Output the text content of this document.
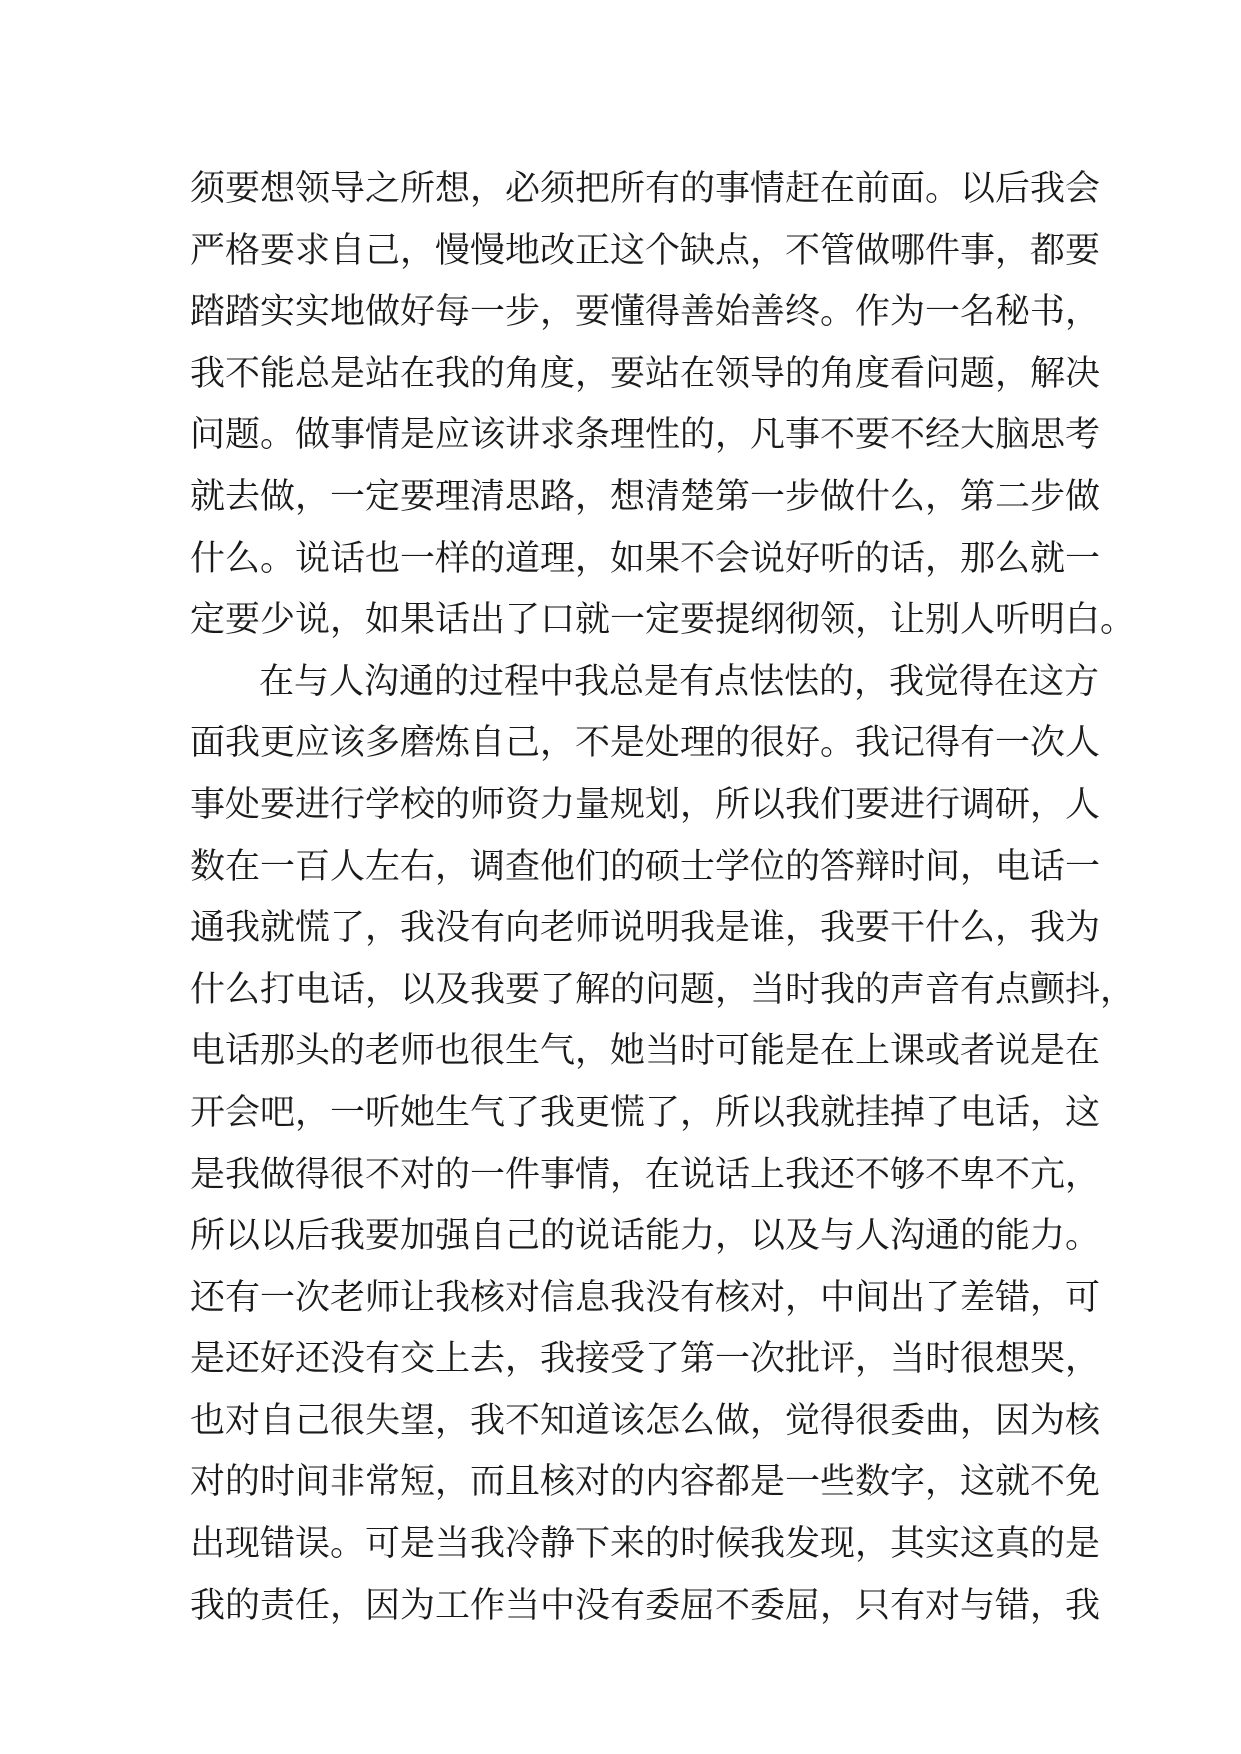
须要想领导之所想，必须把所有的事情赶在前面。以后我会
严格要求自己，慢慢地改正这个缺点，不管做哪件事，都要
踏踏实实地做好每一步，要懂得善始善终。作为一名秘书，
我不能总是站在我的角度，要站在领导的角度看问题，解决
问题。做事情是应该讲求条理性的，凡事不要不经大脑思考
就去做，一定要理清思路，想清楚第一步做什么，第二步做
什么。说话也一样的道理，如果不会说好听的话，那么就一
定要少说，如果话出了口就一定要提纲彻领，让别人听明白。
在与人沟通的过程中我总是有点怯怯的，我觉得在这方
面我更应该多磨炼自己，不是处理的很好。我记得有一次人
事处要进行学校的师资力量规划，所以我们要进行调研，人
数在一百人左右，调查他们的硕士学位的答辩时间，电话一
通我就慌了，我没有向老师说明我是谁，我要干什么，我为
什么打电话，以及我要了解的问题，当时我的声音有点颤抖，
电话那头的老师也很生气，她当时可能是在上课或者说是在
开会吧，一听她生气了我更慌了，所以我就挂掉了电话，这
是我做得很不对的一件事情，在说话上我还不够不卑不亢，
所以以后我要加强自己的说话能力，以及与人沟通的能力。
还有一次老师让我核对信息我没有核对，中间出了差错，可
是还好还没有交上去，我接受了第一次批评，当时很想哭，
也对自己很失望，我不知道该怎么做，觉得很委曲，因为核
对的时间非常短，而且核对的内容都是一些数字，这就不免
出现错误。可是当我冷静下来的时候我发现，其实这真的是
我的责任，因为工作当中没有委屈不委屈，只有对与错，我
